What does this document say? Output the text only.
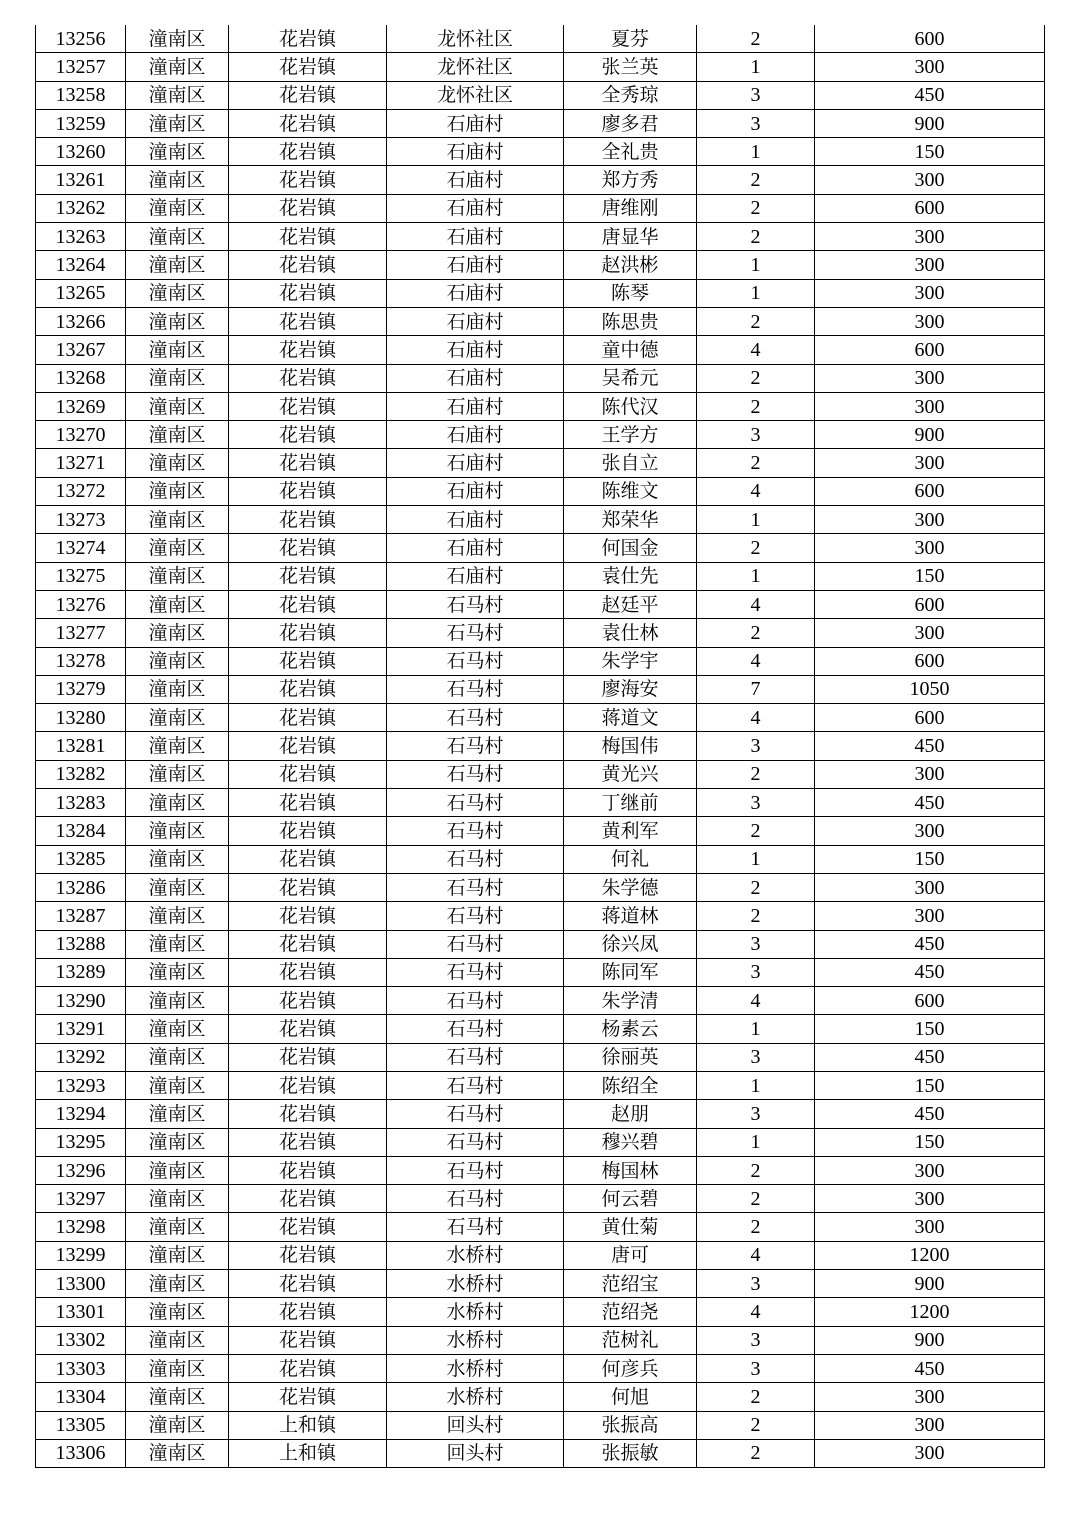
13256	潼南区	花岩镇	龙怀社区	夏芬	2	600
13257	潼南区	花岩镇	龙怀社区	张兰英	1	300
13258	潼南区	花岩镇	龙怀社区	全秀琼	3	450
13259	潼南区	花岩镇	石庙村	廖多君	3	900
13260	潼南区	花岩镇	石庙村	全礼贵	1	150
13261	潼南区	花岩镇	石庙村	郑方秀	2	300
13262	潼南区	花岩镇	石庙村	唐维刚	2	600
13263	潼南区	花岩镇	石庙村	唐显华	2	300
13264	潼南区	花岩镇	石庙村	赵洪彬	1	300
13265	潼南区	花岩镇	石庙村	陈琴	1	300
13266	潼南区	花岩镇	石庙村	陈思贵	2	300
13267	潼南区	花岩镇	石庙村	童中德	4	600
13268	潼南区	花岩镇	石庙村	吴希元	2	300
13269	潼南区	花岩镇	石庙村	陈代汉	2	300
13270	潼南区	花岩镇	石庙村	王学方	3	900
13271	潼南区	花岩镇	石庙村	张自立	2	300
13272	潼南区	花岩镇	石庙村	陈维文	4	600
13273	潼南区	花岩镇	石庙村	郑荣华	1	300
13274	潼南区	花岩镇	石庙村	何国金	2	300
13275	潼南区	花岩镇	石庙村	袁仕先	1	150
13276	潼南区	花岩镇	石马村	赵廷平	4	600
13277	潼南区	花岩镇	石马村	袁仕林	2	300
13278	潼南区	花岩镇	石马村	朱学宇	4	600
13279	潼南区	花岩镇	石马村	廖海安	7	1050
13280	潼南区	花岩镇	石马村	蒋道文	4	600
13281	潼南区	花岩镇	石马村	梅国伟	3	450
13282	潼南区	花岩镇	石马村	黄光兴	2	300
13283	潼南区	花岩镇	石马村	丁继前	3	450
13284	潼南区	花岩镇	石马村	黄利军	2	300
13285	潼南区	花岩镇	石马村	何礼	1	150
13286	潼南区	花岩镇	石马村	朱学德	2	300
13287	潼南区	花岩镇	石马村	蒋道林	2	300
13288	潼南区	花岩镇	石马村	徐兴凤	3	450
13289	潼南区	花岩镇	石马村	陈同军	3	450
13290	潼南区	花岩镇	石马村	朱学清	4	600
13291	潼南区	花岩镇	石马村	杨素云	1	150
13292	潼南区	花岩镇	石马村	徐丽英	3	450
13293	潼南区	花岩镇	石马村	陈绍全	1	150
13294	潼南区	花岩镇	石马村	赵朋	3	450
13295	潼南区	花岩镇	石马村	穆兴碧	1	150
13296	潼南区	花岩镇	石马村	梅国林	2	300
13297	潼南区	花岩镇	石马村	何云碧	2	300
13298	潼南区	花岩镇	石马村	黄仕菊	2	300
13299	潼南区	花岩镇	水桥村	唐可	4	1200
13300	潼南区	花岩镇	水桥村	范绍宝	3	900
13301	潼南区	花岩镇	水桥村	范绍尧	4	1200
13302	潼南区	花岩镇	水桥村	范树礼	3	900
13303	潼南区	花岩镇	水桥村	何彦兵	3	450
13304	潼南区	花岩镇	水桥村	何旭	2	300
13305	潼南区	上和镇	回头村	张振高	2	300
13306	潼南区	上和镇	回头村	张振敏	2	300
